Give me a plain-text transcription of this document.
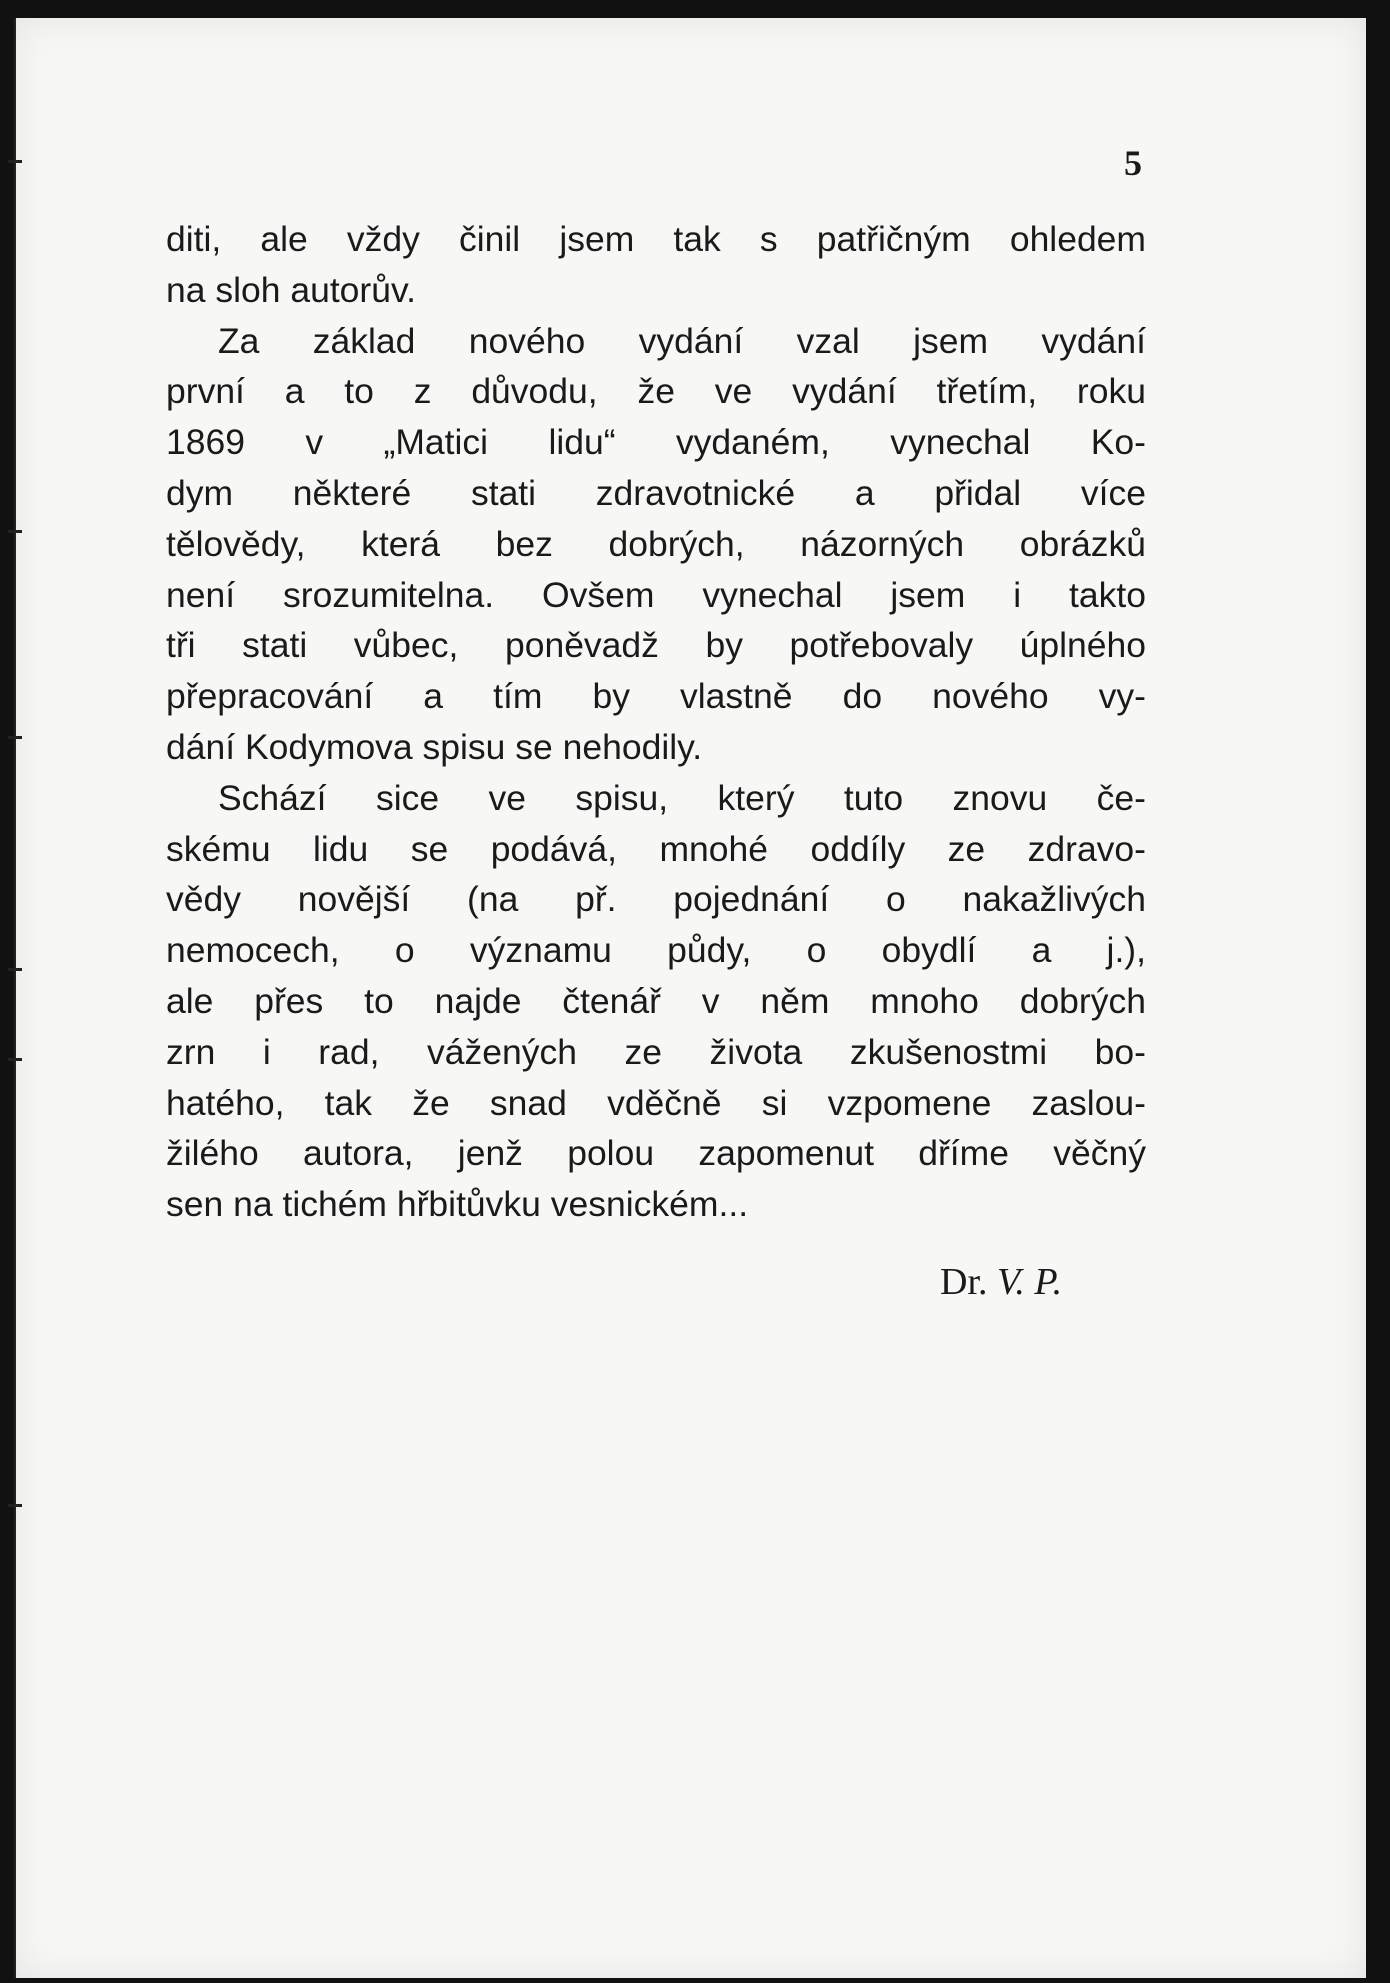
5
diti, ale vždy činil jsem tak s patřičným ohledem
na sloh autorův.
Za základ nového vydání vzal jsem vydání
první a to z důvodu, že ve vydání třetím, roku
1869 v „Matici lidu“ vydaném, vynechal Ko-
dym některé stati zdravotnické a přidal více
tělovědy, která bez dobrých, názorných obrázků
není srozumitelna. Ovšem vynechal jsem i takto
tři stati vůbec, poněvadž by potřebovaly úplného
přepracování a tím by vlastně do nového vy-
dání Kodymova spisu se nehodily.
Schází sice ve spisu, který tuto znovu če-
skému lidu se podává, mnohé oddíly ze zdravo-
vědy novější (na př. pojednání o nakažlivých
nemocech, o významu půdy, o obydlí a j.),
ale přes to najde čtenář v něm mnoho dobrých
zrn i rad, vážených ze života zkušenostmi bo-
hatého, tak že snad vděčně si vzpomene zaslou-
žilého autora, jenž polou zapomenut dříme věčný
sen na tichém hřbitůvku vesnickém...
Dr. V. P.
